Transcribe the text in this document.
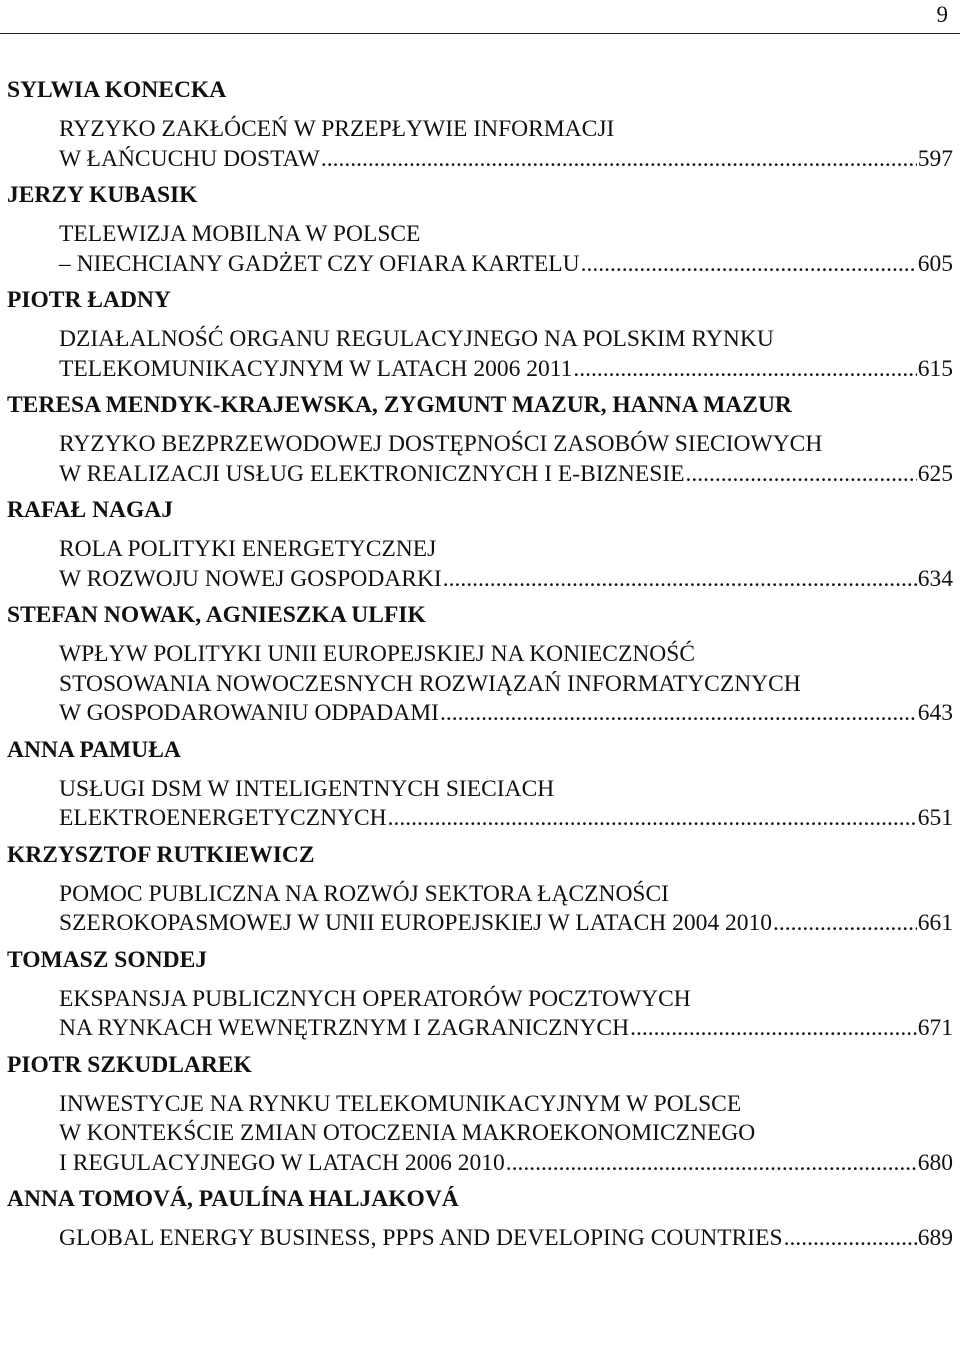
9
SYLWIA KONECKA
RYZYKO ZAKŁÓCEŃ W PRZEPŁYWIE INFORMACJI
W ŁAŃCUCHU DOSTAW .....	597
JERZY KUBASIK
TELEWIZJA MOBILNA W POLSCE
– NIECHCIANY GADŻET CZY OFIARA KARTELU .....	605
PIOTR ŁADNY
DZIAŁALNOŚĆ ORGANU REGULACYJNEGO NA POLSKIM RYNKU
TELEKOMUNIKACYJNYM W LATACH 2006 2011 .....	615
TERESA MENDYK-KRAJEWSKA, ZYGMUNT MAZUR, HANNA MAZUR
RYZYKO BEZPRZEWODOWEJ DOSTĘPNOŚCI ZASOBÓW SIECIOWYCH
W REALIZACJI USŁUG ELEKTRONICZNYCH I E-BIZNESIE .....	625
RAFAŁ NAGAJ
ROLA POLITYKI ENERGETYCZNEJ
W ROZWOJU NOWEJ GOSPODARKI .....	634
STEFAN NOWAK, AGNIESZKA ULFIK
WPŁYW POLITYKI UNII EUROPEJSKIEJ NA KONIECZNOŚĆ
STOSOWANIA NOWOCZESNYCH ROZWIĄZAŃ INFORMATYCZNYCH
W GOSPODAROWANIU ODPADAMI .....	643
ANNA PAMUŁA
USŁUGI DSM W INTELIGENTNYCH SIECIACH
ELEKTROENERGETYCZNYCH .....	651
KRZYSZTOF RUTKIEWICZ
POMOC PUBLICZNA NA ROZWÓJ SEKTORA ŁĄCZNOŚCI
SZEROKOPASMOWEJ W UNII EUROPEJSKIEJ W LATACH 2004 2010 .....	661
TOMASZ SONDEJ
EKSPANSJA PUBLICZNYCH OPERATORÓW POCZTOWYCH
NA RYNKACH WEWNĘTRZNYM I ZAGRANICZNYCH .....	671
PIOTR SZKUDLAREK
INWESTYCJE NA RYNKU TELEKOMUNIKACYJNYM W POLSCE
W KONTEKŚCIE ZMIAN OTOCZENIA MAKROEKONOMICZNEGO
I REGULACYJNEGO W LATACH 2006 2010 .....	680
ANNA TOMOVÁ, PAULÍNA HALJAKOVÁ
GLOBAL ENERGY BUSINESS, PPPS AND DEVELOPING COUNTRIES .....	689
